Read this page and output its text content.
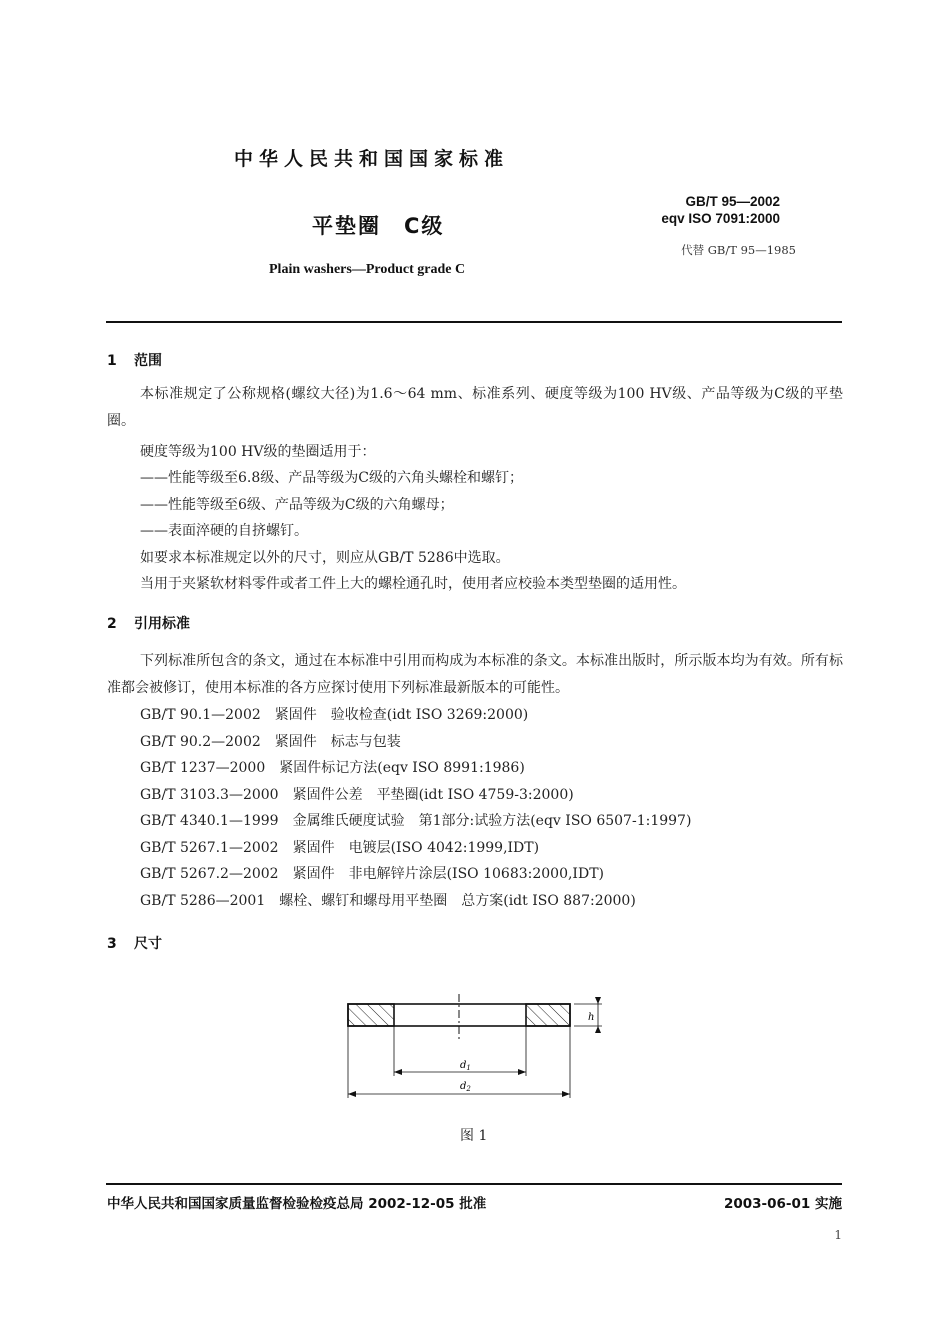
中华人民共和国国家标准
平垫圈　C级
Plain washers—Product grade C
GB/T 95—2002
eqv ISO 7091:2000
代替 GB/T 95—1985
1 范围
本标准规定了公称规格(螺纹大径)为1.6～64 mm、标准系列、硬度等级为100 HV级、产品等级为C级的平垫圈。
硬度等级为100 HV级的垫圈适用于：
——性能等级至6.8级、产品等级为C级的六角头螺栓和螺钉；
——性能等级至6级、产品等级为C级的六角螺母；
——表面淬硬的自挤螺钉。
如要求本标准规定以外的尺寸，则应从GB/T 5286中选取。
当用于夹紧软材料零件或者工件上大的螺栓通孔时，使用者应校验本类型垫圈的适用性。
2 引用标准
下列标准所包含的条文，通过在本标准中引用而构成为本标准的条文。本标准出版时，所示版本均为有效。所有标准都会被修订，使用本标准的各方应探讨使用下列标准最新版本的可能性。
GB/T 90.1—2002　紧固件　验收检查(idt ISO 3269:2000)
GB/T 90.2—2002　紧固件　标志与包装
GB/T 1237—2000　紧固件标记方法(eqv ISO 8991:1986)
GB/T 3103.3—2000　紧固件公差　平垫圈(idt ISO 4759-3:2000)
GB/T 4340.1—1999　金属维氏硬度试验　第1部分:试验方法(eqv ISO 6507-1:1997)
GB/T 5267.1—2002　紧固件　电镀层(ISO 4042:1999,IDT)
GB/T 5267.2—2002　紧固件　非电解锌片涂层(ISO 10683:2000,IDT)
GB/T 5286—2001　螺栓、螺钉和螺母用平垫圈　总方案(idt ISO 887:2000)
3 尺寸
h
$d_1$
$d_2$
图 1
中华人民共和国国家质量监督检验检疫总局 2002-12-05 批准	2003-06-01 实施
1
